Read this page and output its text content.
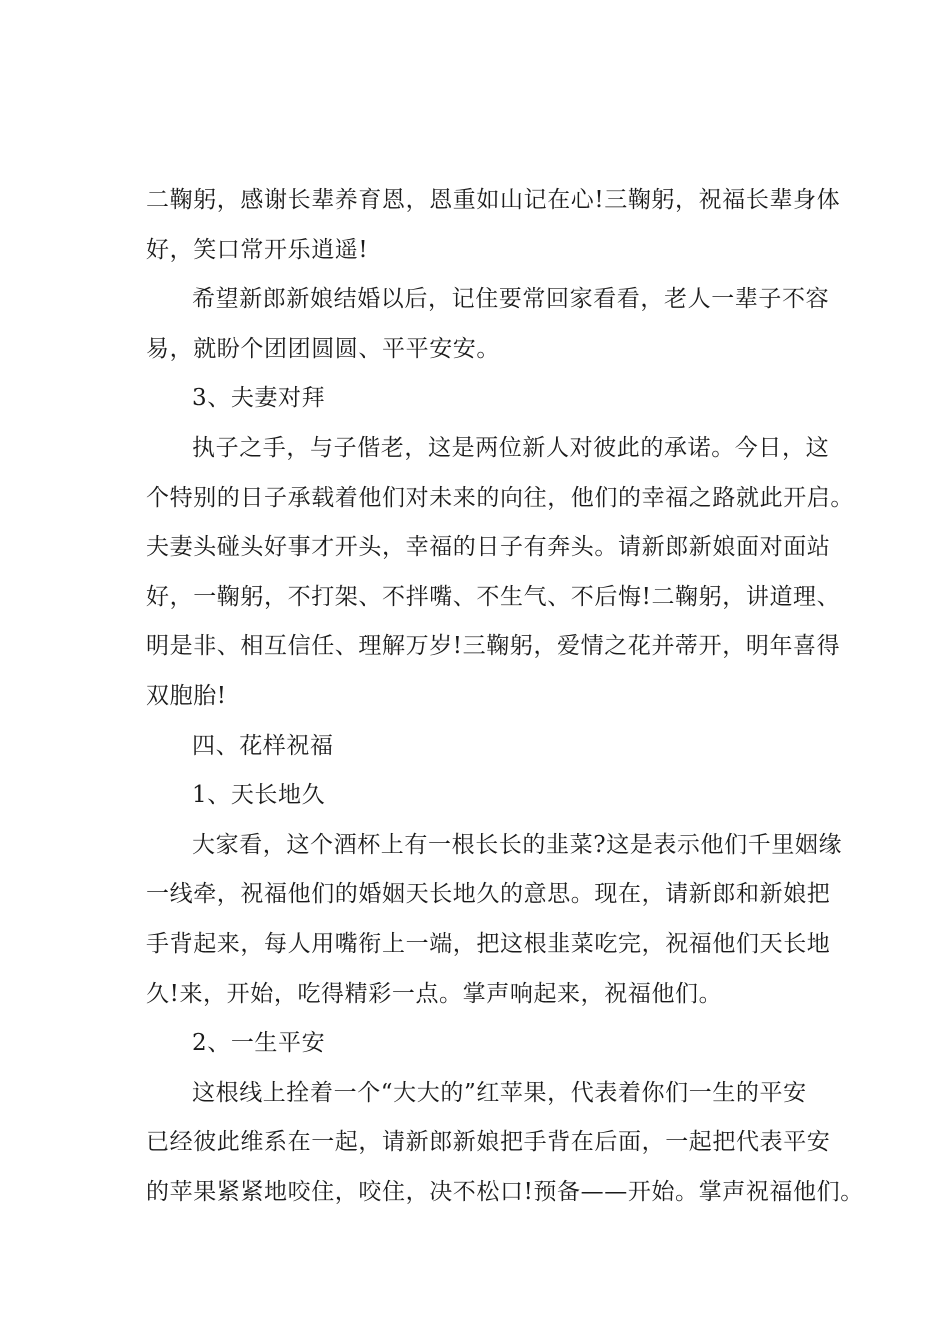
二鞠躬，感谢长辈养育恩，恩重如山记在心!三鞠躬，祝福长辈身体
好，笑口常开乐逍遥!
希望新郎新娘结婚以后，记住要常回家看看，老人一辈子不容
易，就盼个团团圆圆、平平安安。
3、夫妻对拜
执子之手，与子偕老，这是两位新人对彼此的承诺。今日，这
个特别的日子承载着他们对未来的向往，他们的幸福之路就此开启。
夫妻头碰头好事才开头，幸福的日子有奔头。请新郎新娘面对面站
好，一鞠躬，不打架、不拌嘴、不生气、不后悔!二鞠躬，讲道理、
明是非、相互信任、理解万岁!三鞠躬，爱情之花并蒂开，明年喜得
双胞胎!
四、花样祝福
1、天长地久
大家看，这个酒杯上有一根长长的韭菜?这是表示他们千里姻缘
一线牵，祝福他们的婚姻天长地久的意思。现在，请新郎和新娘把
手背起来，每人用嘴衔上一端，把这根韭菜吃完，祝福他们天长地
久!来，开始，吃得精彩一点。掌声响起来，祝福他们。
2、一生平安
这根线上拴着一个“大大的”红苹果，代表着你们一生的平安
已经彼此维系在一起，请新郎新娘把手背在后面，一起把代表平安
的苹果紧紧地咬住，咬住，决不松口!预备——开始。掌声祝福他们。
